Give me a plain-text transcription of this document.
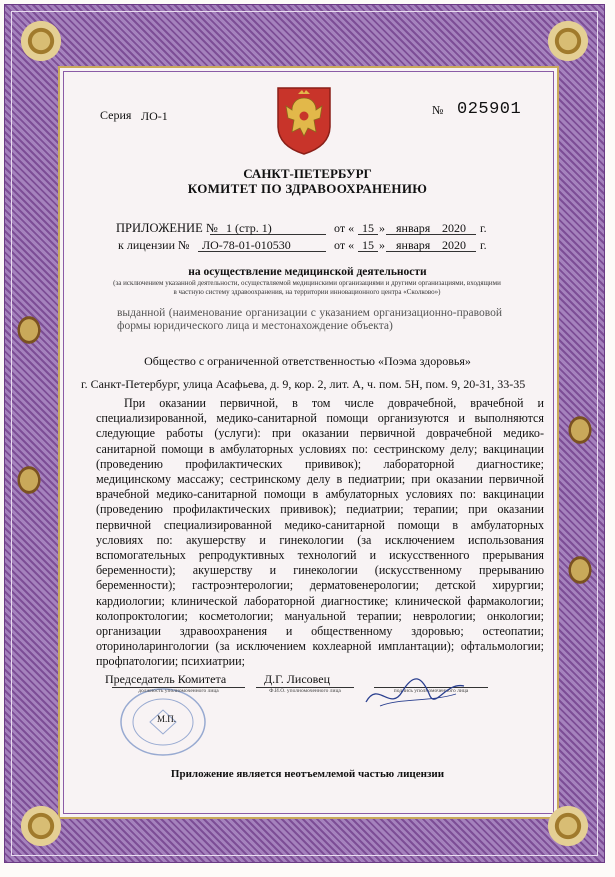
Серия ЛО-1	№ 025901
САНКТ-ПЕТЕРБУРГ
КОМИТЕТ ПО ЗДРАВООХРАНЕНИЮ
ПРИЛОЖЕНИЕ № 1 (стр. 1)	от « 15 » января 2020 г.
к лицензии № ЛО-78-01-010530	от « 15 » января 2020 г.
на осуществление медицинской деятельности
(за исключением указанной деятельности, осуществляемой медицинскими организациями и другими организациями, входящими в частную систему здравоохранения, на территории инновационного центра «Сколково»)
выданной (наименование организации с указанием организационно-правовой формы юридического лица и местонахождение объекта)
Общество с ограниченной ответственностью «Поэма здоровья»
г. Санкт-Петербург, улица Асафьева, д. 9, кор. 2, лит. А, ч. пом. 5Н, пом. 9, 20-31, 33-35
При оказании первичной, в том числе доврачебной, врачебной и специализированной, медико-санитарной помощи организуются и выполняются следующие работы (услуги): при оказании первичной доврачебной медико-санитарной помощи в амбулаторных условиях по: сестринскому делу; вакцинации (проведению профилактических прививок); лабораторной диагностике; медицинскому массажу; сестринскому делу в педиатрии; при оказании первичной врачебной медико-санитарной помощи в амбулаторных условиях по: вакцинации (проведению профилактических прививок); педиатрии; терапии; при оказании первичной специализированной медико-санитарной помощи в амбулаторных условиях по: акушерству и гинекологии (за исключением использования вспомогательных репродуктивных технологий и искусственного прерывания беременности); акушерству и гинекологии (искусственному прерыванию беременности); гастроэнтерологии; дерматовенерологии; детской хирургии; кардиологии; клинической лабораторной диагностике; клинической фармакологии; колопроктологии; косметологии; мануальной терапии; неврологии; онкологии; организации здравоохранения и общественному здоровью; остеопатии; оториноларингологии (за исключением кохлеарной имплантации); офтальмологии; профпатологии; психиатрии;
Председатель Комитета	Д.Г. Лисовец
должность уполномоченного лица	Ф.И.О. уполномоченного лица	подпись уполномоченного лица
М.П.
Приложение является неотъемлемой частью лицензии
